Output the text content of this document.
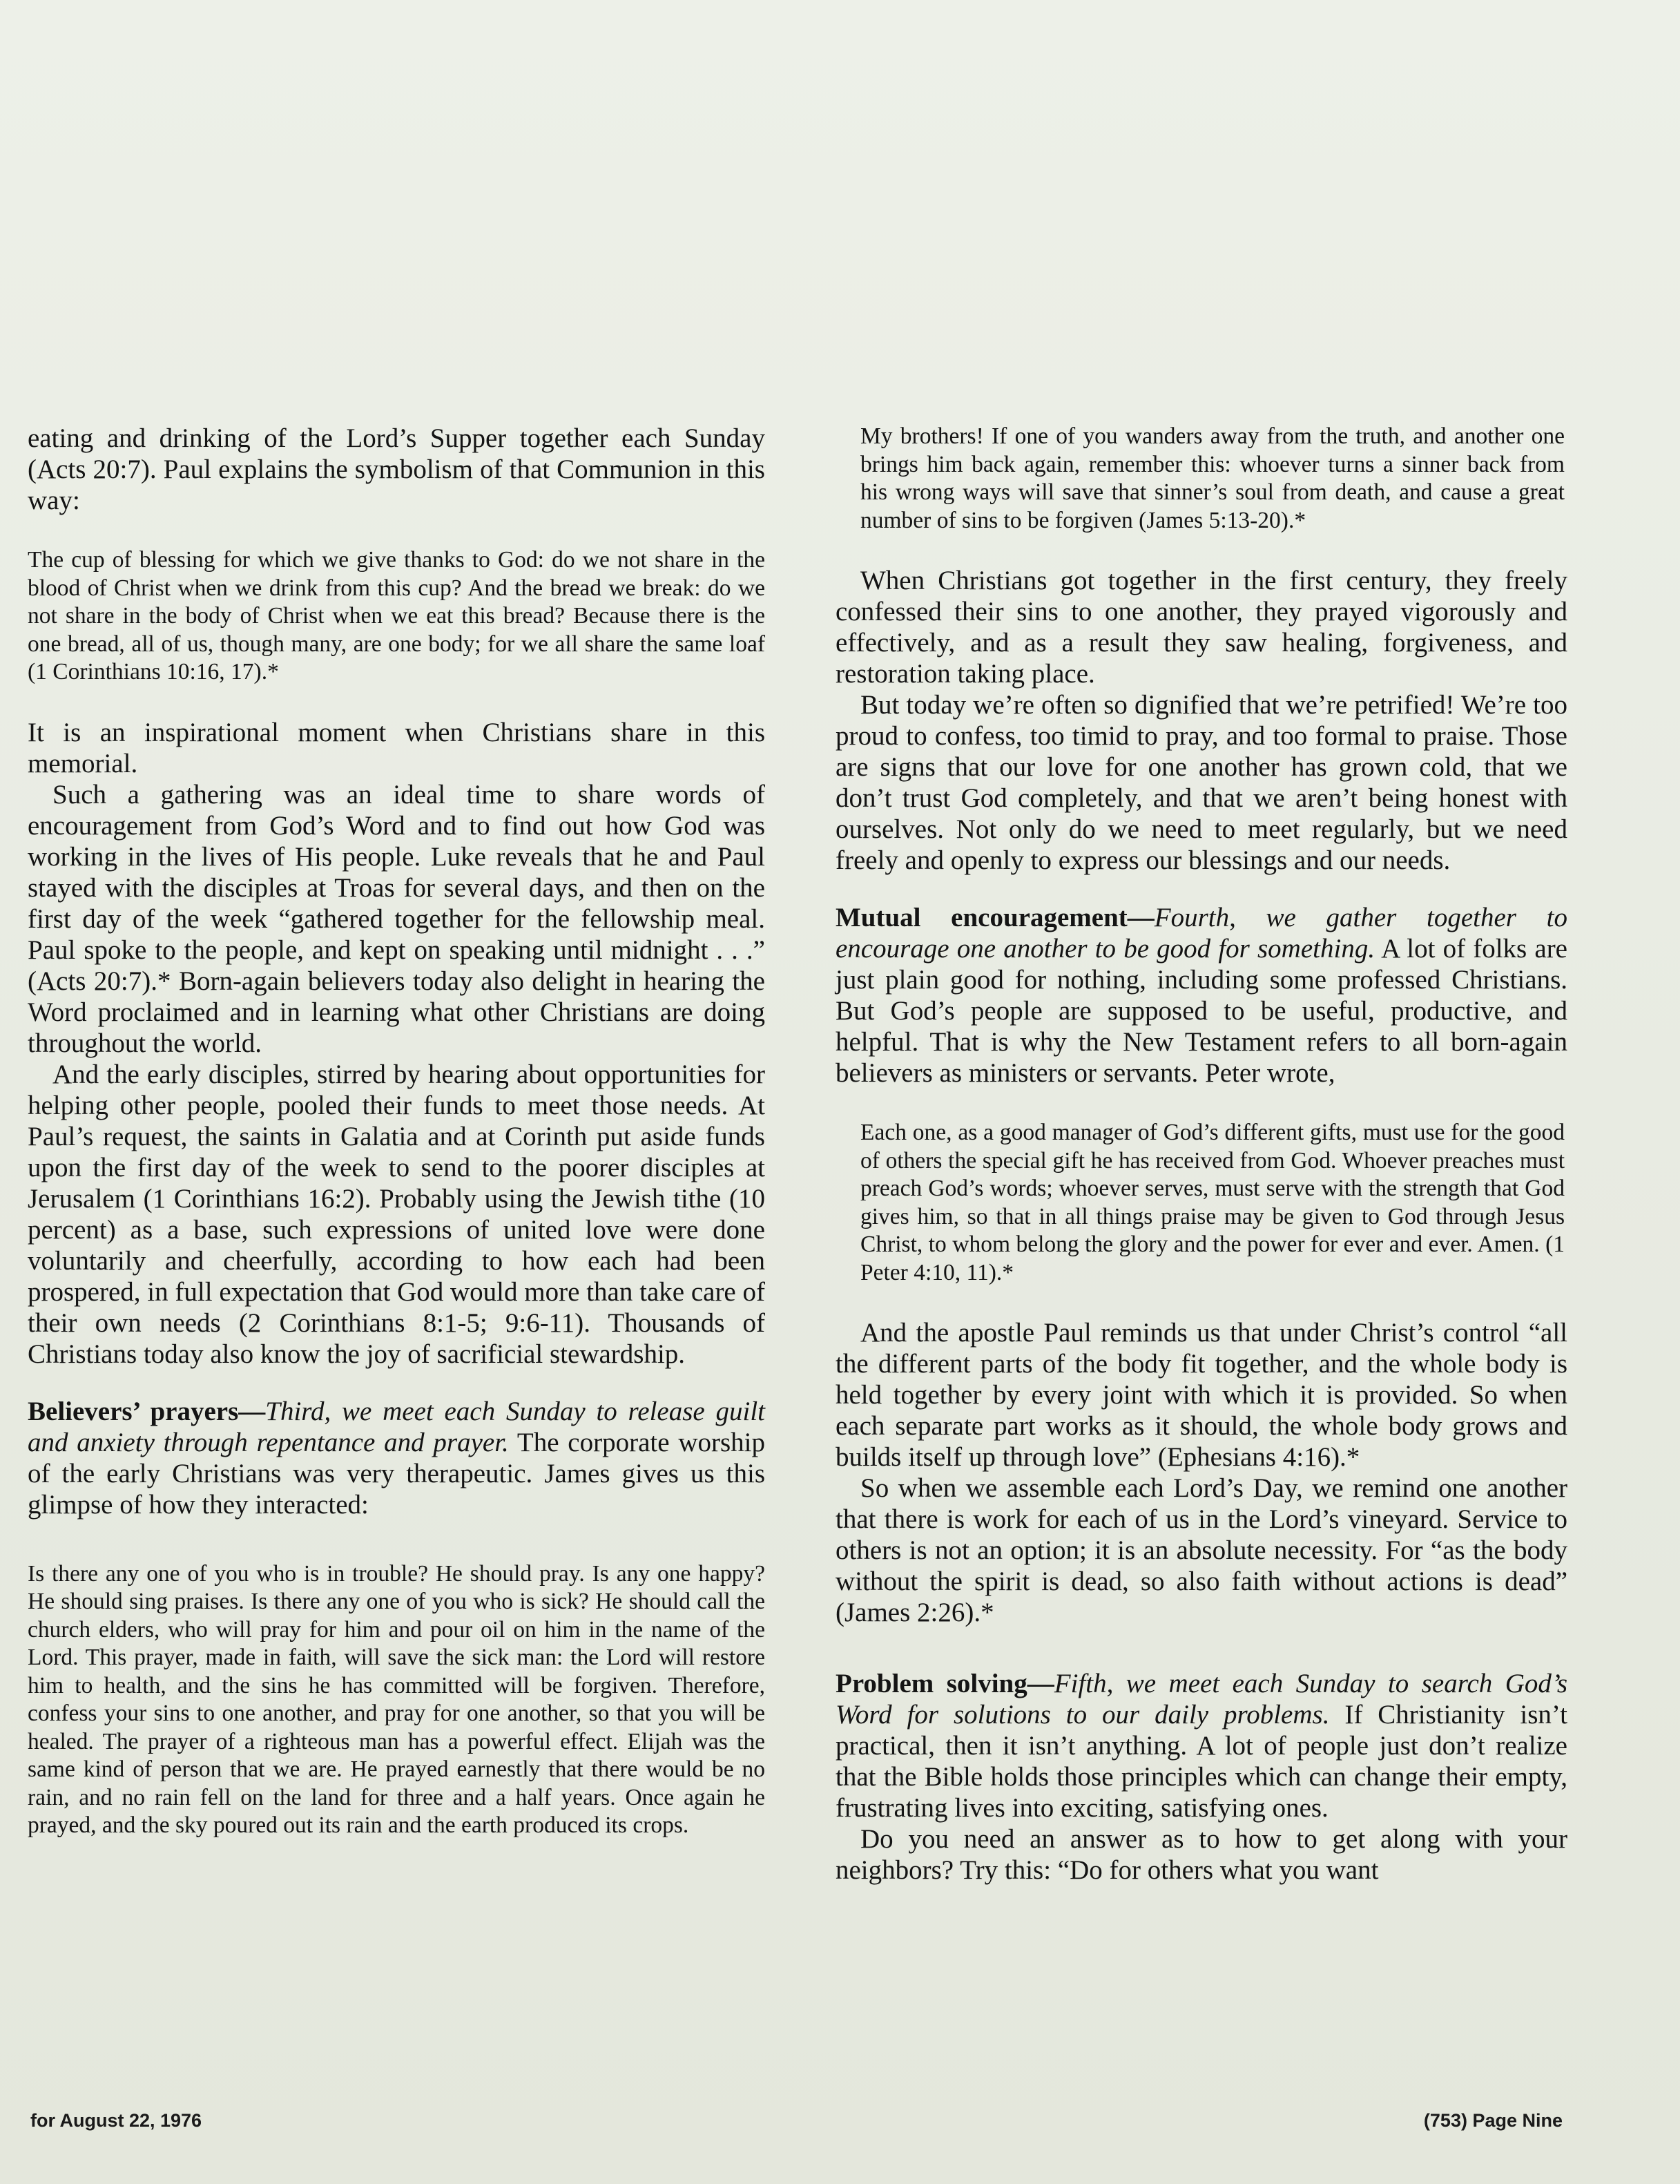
eating and drinking of the Lord’s Supper together each Sunday (Acts 20:7). Paul explains the symbolism of that Communion in this way:

The cup of blessing for which we give thanks to God: do we not share in the blood of Christ when we drink from this cup? And the bread we break: do we not share in the body of Christ when we eat this bread? Because there is the one bread, all of us, though many, are one body; for we all share the same loaf (1 Corinthians 10:16, 17).*

It is an inspirational moment when Christians share in this memorial.

Such a gathering was an ideal time to share words of encouragement from God’s Word and to find out how God was working in the lives of His people. Luke reveals that he and Paul stayed with the disciples at Troas for several days, and then on the first day of the week “gathered together for the fellowship meal. Paul spoke to the people, and kept on speaking until midnight . . .” (Acts 20:7).* Born-again believers today also delight in hearing the Word proclaimed and in learning what other Christians are doing throughout the world.

And the early disciples, stirred by hearing about opportunities for helping other people, pooled their funds to meet those needs. At Paul’s request, the saints in Galatia and at Corinth put aside funds upon the first day of the week to send to the poorer disciples at Jerusalem (1 Corinthians 16:2). Probably using the Jewish tithe (10 percent) as a base, such expressions of united love were done voluntarily and cheerfully, according to how each had been prospered, in full expectation that God would more than take care of their own needs (2 Corinthians 8:1-5; 9:6-11). Thousands of Christians today also know the joy of sacrificial stewardship.

Believers’ prayers—Third, we meet each Sunday to release guilt and anxiety through repentance and prayer. The corporate worship of the early Christians was very therapeutic. James gives us this glimpse of how they interacted:

Is there any one of you who is in trouble? He should pray. Is any one happy? He should sing praises. Is there any one of you who is sick? He should call the church elders, who will pray for him and pour oil on him in the name of the Lord. This prayer, made in faith, will save the sick man: the Lord will restore him to health, and the sins he has committed will be forgiven. Therefore, confess your sins to one another, and pray for one another, so that you will be healed. The prayer of a righteous man has a powerful effect. Elijah was the same kind of person that we are. He prayed earnestly that there would be no rain, and no rain fell on the land for three and a half years. Once again he prayed, and the sky poured out its rain and the earth produced its crops.

My brothers! If one of you wanders away from the truth, and another one brings him back again, remember this: whoever turns a sinner back from his wrong ways will save that sinner’s soul from death, and cause a great number of sins to be forgiven (James 5:13-20).*

When Christians got together in the first century, they freely confessed their sins to one another, they prayed vigorously and effectively, and as a result they saw healing, forgiveness, and restoration taking place.

But today we’re often so dignified that we’re petrified! We’re too proud to confess, too timid to pray, and too formal to praise. Those are signs that our love for one another has grown cold, that we don’t trust God completely, and that we aren’t being honest with ourselves. Not only do we need to meet regularly, but we need freely and openly to express our blessings and our needs.

Mutual encouragement—Fourth, we gather together to encourage one another to be good for something. A lot of folks are just plain good for nothing, including some professed Christians. But God’s people are supposed to be useful, productive, and helpful. That is why the New Testament refers to all born-again believers as ministers or servants. Peter wrote,

Each one, as a good manager of God’s different gifts, must use for the good of others the special gift he has received from God. Whoever preaches must preach God’s words; whoever serves, must serve with the strength that God gives him, so that in all things praise may be given to God through Jesus Christ, to whom belong the glory and the power for ever and ever. Amen. (1 Peter 4:10, 11).*

And the apostle Paul reminds us that under Christ’s control “all the different parts of the body fit together, and the whole body is held together by every joint with which it is provided. So when each separate part works as it should, the whole body grows and builds itself up through love” (Ephesians 4:16).*

So when we assemble each Lord’s Day, we remind one another that there is work for each of us in the Lord’s vineyard. Service to others is not an option; it is an absolute necessity. For “as the body without the spirit is dead, so also faith without actions is dead” (James 2:26).*

Problem solving—Fifth, we meet each Sunday to search God’s Word for solutions to our daily problems. If Christianity isn’t practical, then it isn’t anything. A lot of people just don’t realize that the Bible holds those principles which can change their empty, frustrating lives into exciting, satisfying ones.

Do you need an answer as to how to get along with your neighbors? Try this: “Do for others what you want

for August 22, 1976	(753) Page Nine
